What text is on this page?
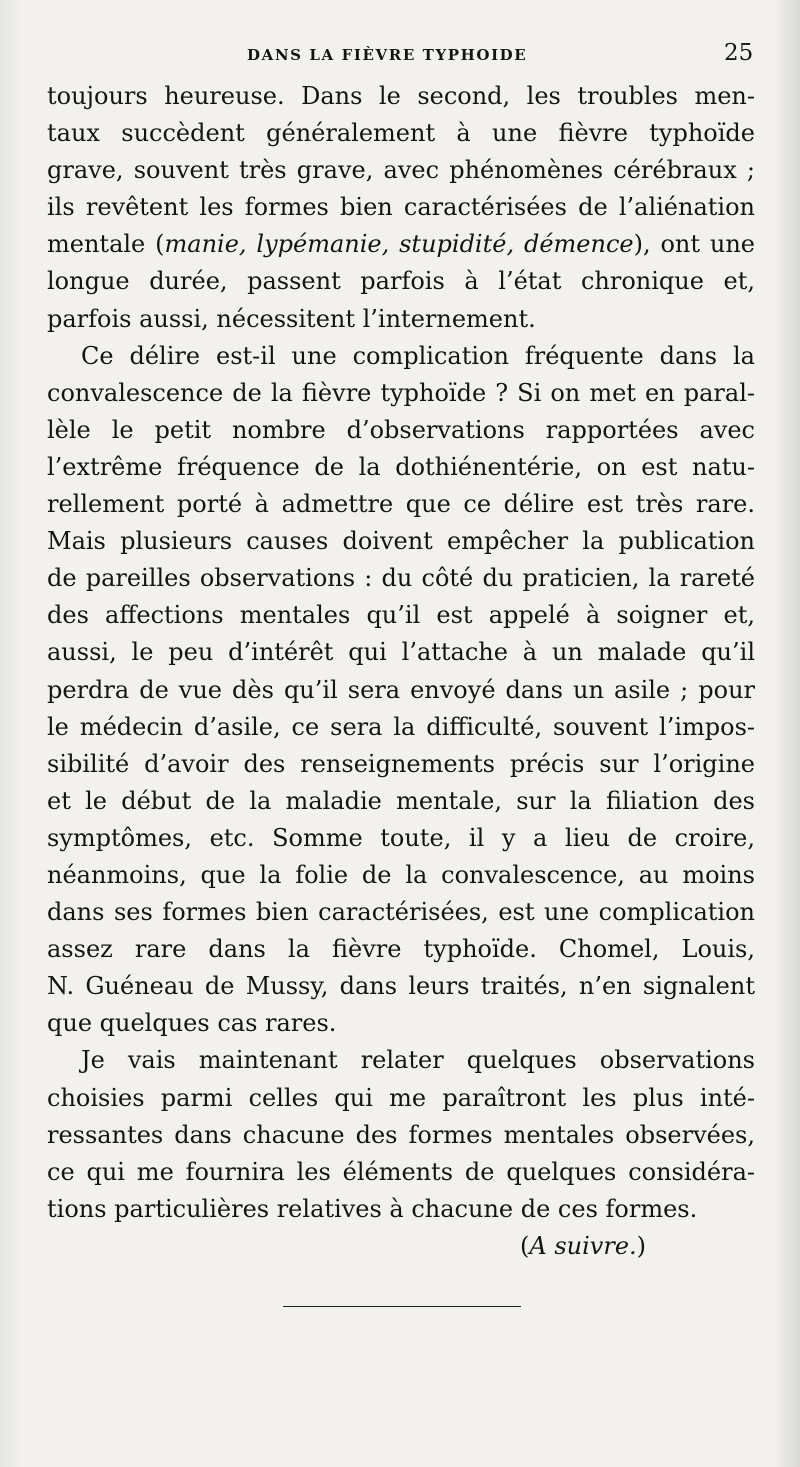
DANS LA FIÈVRE TYPHOIDE	25
toujours heureuse. Dans le second, les troubles men-
taux succèdent généralement à une fièvre typhoïde
grave, souvent très grave, avec phénomènes cérébraux ;
ils revêtent les formes bien caractérisées de l’aliénation
mentale (manie, lypémanie, stupidité, démence), ont une
longue durée, passent parfois à l’état chronique et,
parfois aussi, nécessitent l’internement.
Ce délire est-il une complication fréquente dans la
convalescence de la fièvre typhoïde ? Si on met en paral-
lèle le petit nombre d’observations rapportées avec
l’extrême fréquence de la dothiénentérie, on est natu-
rellement porté à admettre que ce délire est très rare.
Mais plusieurs causes doivent empêcher la publication
de pareilles observations : du côté du praticien, la rareté
des affections mentales qu’il est appelé à soigner et,
aussi, le peu d’intérêt qui l’attache à un malade qu’il
perdra de vue dès qu’il sera envoyé dans un asile ; pour
le médecin d’asile, ce sera la difficulté, souvent l’impos-
sibilité d’avoir des renseignements précis sur l’origine
et le début de la maladie mentale, sur la filiation des
symptômes, etc. Somme toute, il y a lieu de croire,
néanmoins, que la folie de la convalescence, au moins
dans ses formes bien caractérisées, est une complication
assez rare dans la fièvre typhoïde. Chomel, Louis,
N. Guéneau de Mussy, dans leurs traités, n’en signalent
que quelques cas rares.
Je vais maintenant relater quelques observations
choisies parmi celles qui me paraîtront les plus inté-
ressantes dans chacune des formes mentales observées,
ce qui me fournira les éléments de quelques considéra-
tions particulières relatives à chacune de ces formes.
(A suivre.)
